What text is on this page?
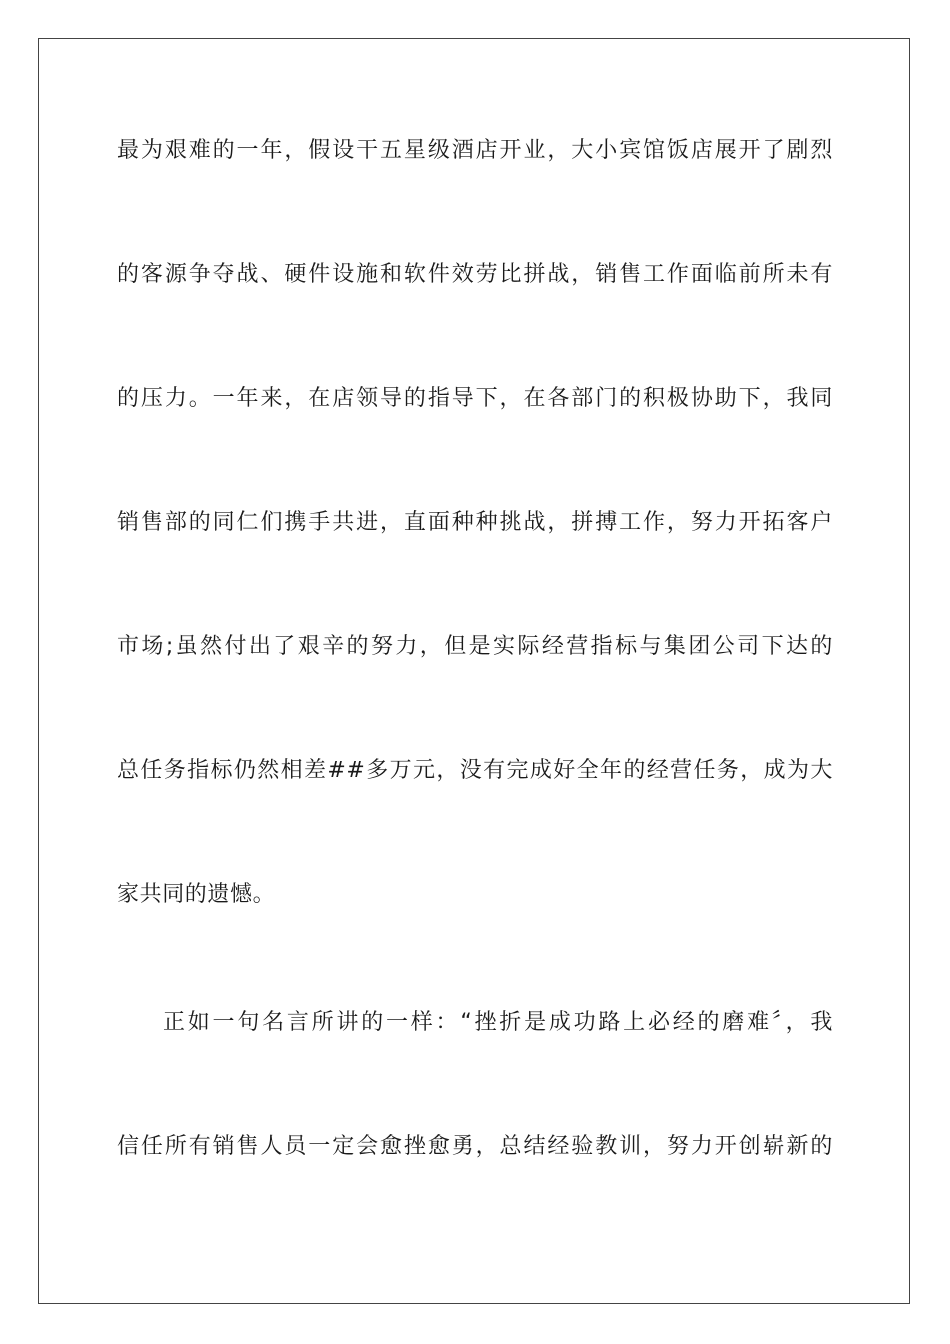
最为艰难的一年，假设干五星级酒店开业，大小宾馆饭店展开了剧烈
的客源争夺战、硬件设施和软件效劳比拼战，销售工作面临前所未有
的压力。一年来，在店领导的指导下，在各部门的积极协助下，我同
销售部的同仁们携手共进，直面种种挑战，拼搏工作，努力开拓客户
市场;虽然付出了艰辛的努力，但是实际经营指标与集团公司下达的
总任务指标仍然相差##多万元，没有完成好全年的经营任务，成为大
家共同的遗憾。
正如一句名言所讲的一样：“挫折是成功路上必经的磨难〞，我
信任所有销售人员一定会愈挫愈勇，总结经验教训，努力开创崭新的
